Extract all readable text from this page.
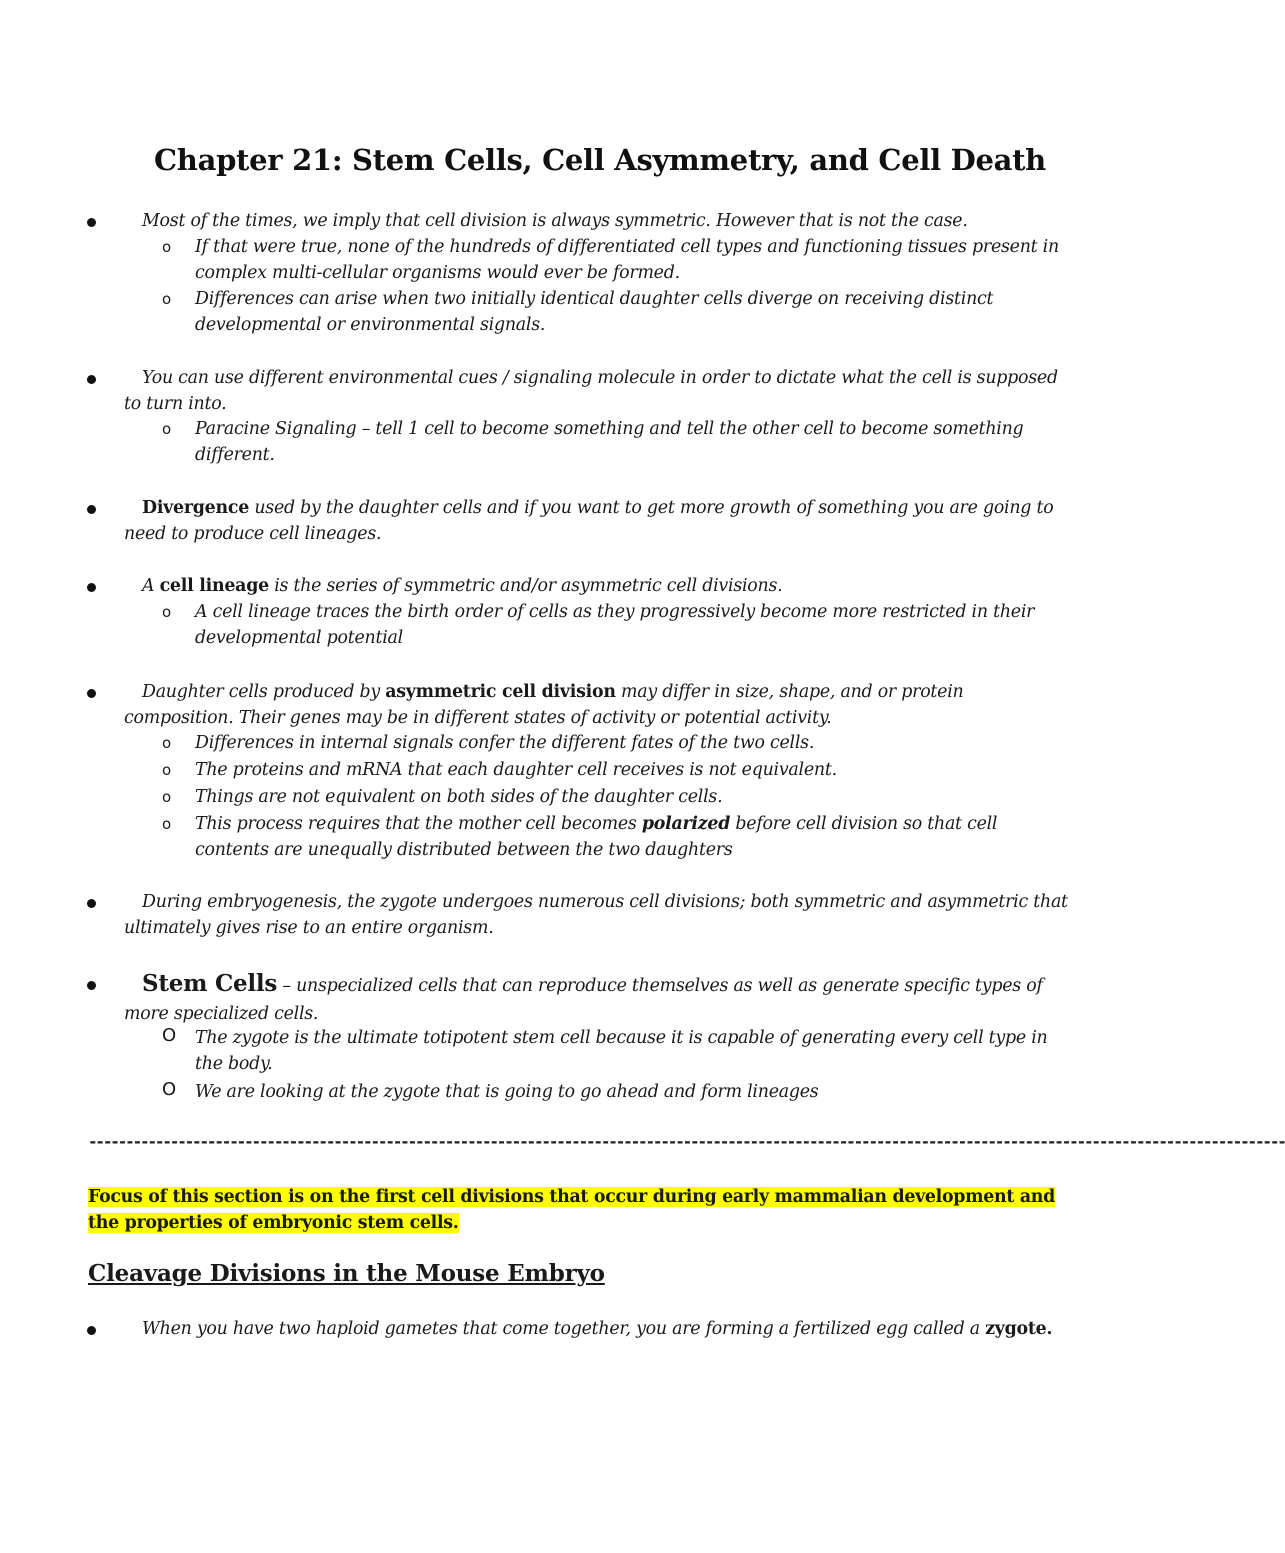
Chapter 21: Stem Cells, Cell Asymmetry, and Cell Death
Most of the times, we imply that cell division is always symmetric. However that is not the case.
o If that were true, none of the hundreds of differentiated cell types and functioning tissues present in complex multi-cellular organisms would ever be formed.
o Differences can arise when two initially identical daughter cells diverge on receiving distinct developmental or environmental signals.
You can use different environmental cues / signaling molecule in order to dictate what the cell is supposed to turn into.
o Paracine Signaling – tell 1 cell to become something and tell the other cell to become something different.
Divergence used by the daughter cells and if you want to get more growth of something you are going to need to produce cell lineages.
A cell lineage is the series of symmetric and/or asymmetric cell divisions.
o A cell lineage traces the birth order of cells as they progressively become more restricted in their developmental potential
Daughter cells produced by asymmetric cell division may differ in size, shape, and or protein composition. Their genes may be in different states of activity or potential activity.
o Differences in internal signals confer the different fates of the two cells.
o The proteins and mRNA that each daughter cell receives is not equivalent.
o Things are not equivalent on both sides of the daughter cells.
o This process requires that the mother cell becomes polarized before cell division so that cell contents are unequally distributed between the two daughters
During embryogenesis, the zygote undergoes numerous cell divisions; both symmetric and asymmetric that ultimately gives rise to an entire organism.
Stem Cells – unspecialized cells that can reproduce themselves as well as generate specific types of more specialized cells.
O The zygote is the ultimate totipotent stem cell because it is capable of generating every cell type in the body.
O We are looking at the zygote that is going to go ahead and form lineages
-----------------------------------------------------------------------------------------------------------------------------------------------------------------
Focus of this section is on the first cell divisions that occur during early mammalian development and the properties of embryonic stem cells.
Cleavage Divisions in the Mouse Embryo
When you have two haploid gametes that come together, you are forming a fertilized egg called a zygote.
